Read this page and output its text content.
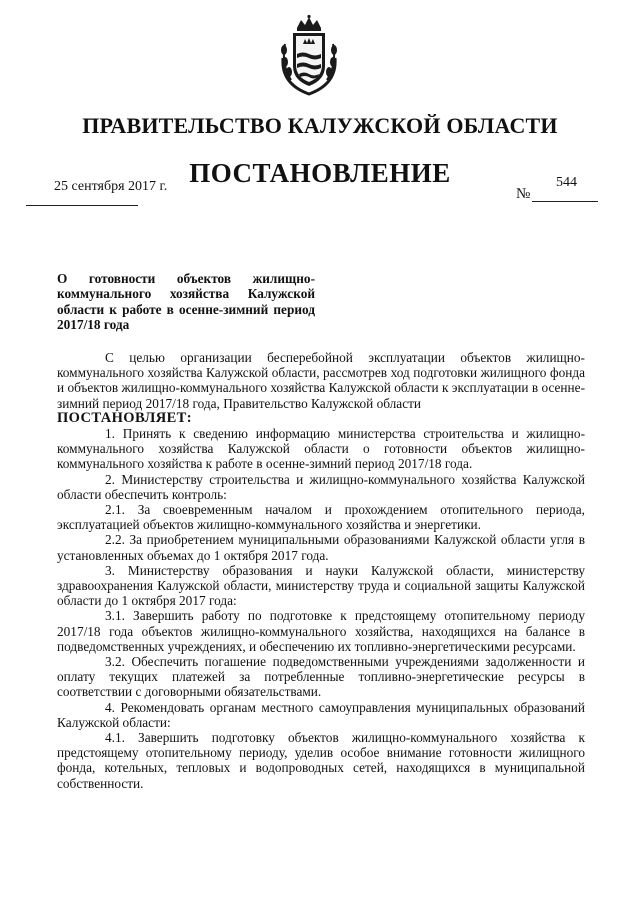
ПРАВИТЕЛЬСТВО КАЛУЖСКОЙ ОБЛАСТИ
ПОСТАНОВЛЕНИЕ
25 сентября 2017 г.	№
544
О готовности объектов жилищно-коммунального хозяйства Калужской области к работе в осенне-зимний период 2017/18 года

С целью организации бесперебойной эксплуатации объектов жилищно-коммунального хозяйства Калужской области, рассмотрев ход подготовки жилищного фонда и объектов жилищно-коммунального хозяйства Калужской области к эксплуатации в осенне-зимний период 2017/18 года, Правительство Калужской области

ПОСТАНОВЛЯЕТ:

1. Принять к сведению информацию министерства строительства и жилищно-коммунального хозяйства Калужской области о готовности объектов жилищно-коммунального хозяйства к работе в осенне-зимний период 2017/18 года.

2. Министерству строительства и жилищно-коммунального хозяйства Калужской области обеспечить контроль:

2.1. За своевременным началом и прохождением отопительного периода, эксплуатацией объектов жилищно-коммунального хозяйства и энергетики.

2.2. За приобретением муниципальными образованиями Калужской области угля в установленных объемах до 1 октября 2017 года.

3. Министерству образования и науки Калужской области, министерству здравоохранения Калужской области, министерству труда и социальной защиты Калужской области до 1 октября 2017 года:

3.1. Завершить работу по подготовке к предстоящему отопительному периоду 2017/18 года объектов жилищно-коммунального хозяйства, находящихся на балансе в подведомственных учреждениях, и обеспечению их топливно-энергетическими ресурсами.

3.2. Обеспечить погашение подведомственными учреждениями задолженности и оплату текущих платежей за потребленные топливно-энергетические ресурсы в соответствии с договорными обязательствами.

4. Рекомендовать органам местного самоуправления муниципальных образований Калужской области:

4.1. Завершить подготовку объектов жилищно-коммунального хозяйства к предстоящему отопительному периоду, уделив особое внимание готовности жилищного фонда, котельных, тепловых и водопроводных сетей, находящихся в муниципальной собственности.
